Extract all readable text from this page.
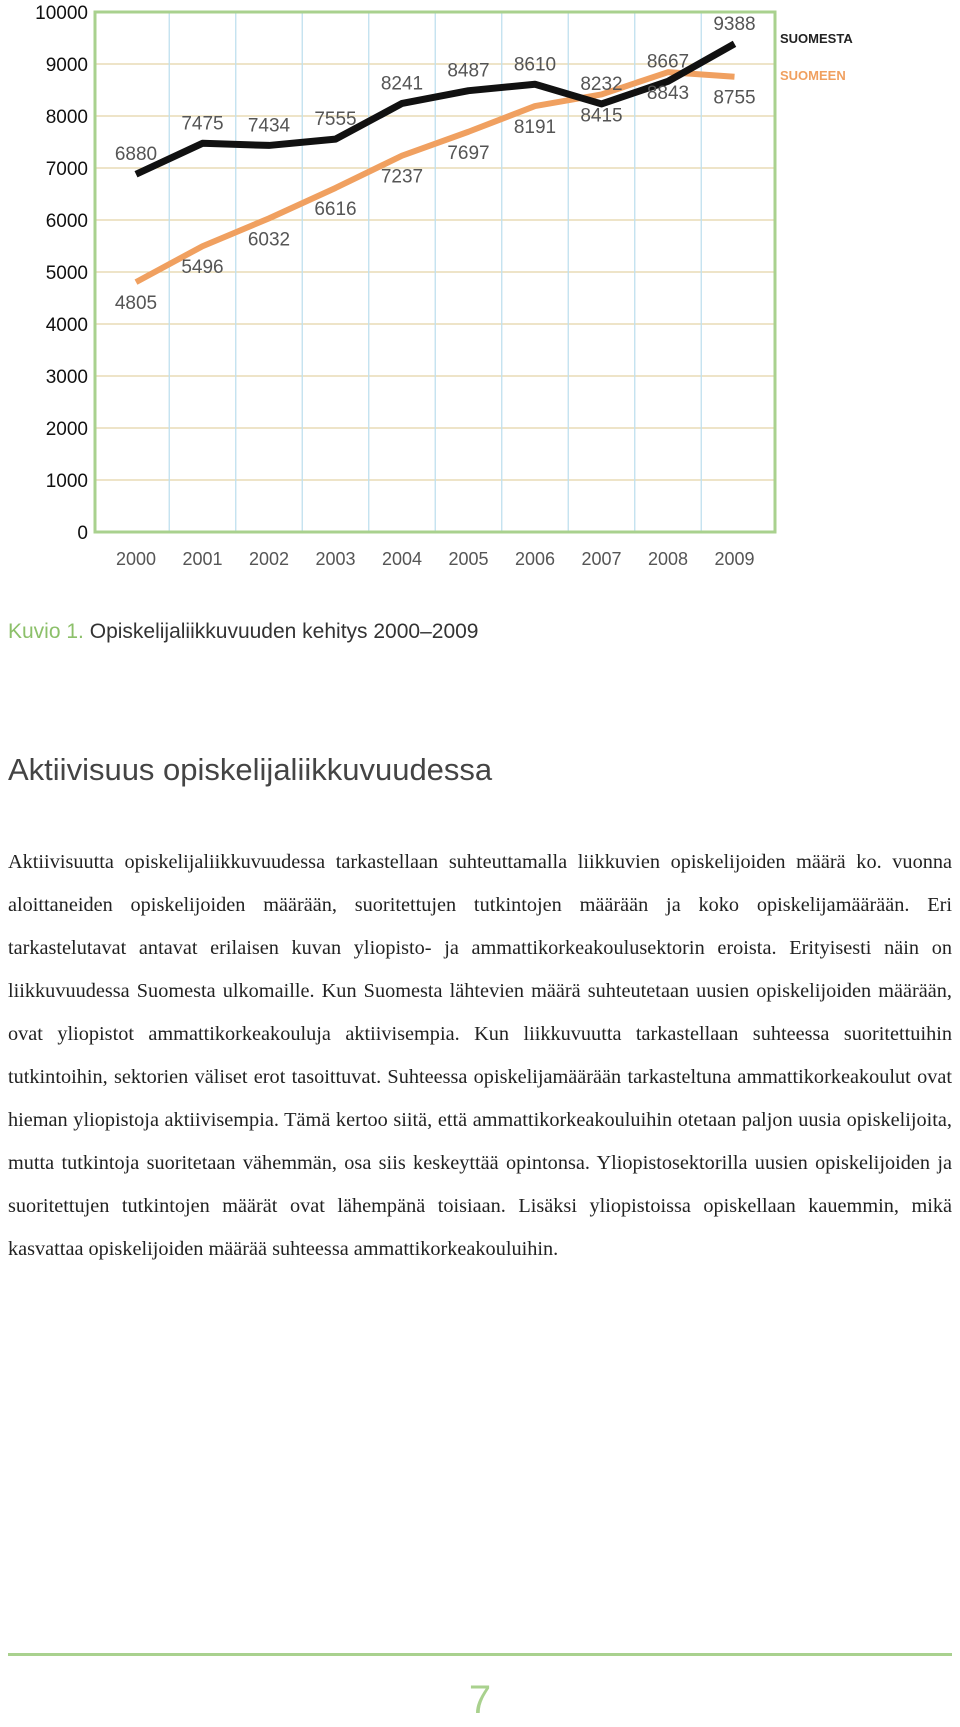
0
1000
2000
3000
4000
5000
6000
7000
8000
9000
10000
2000 2001 2002 2003 2004 2005 2006 2007 2008 2009
6880
7475 7434 7555
8241
8487 8610
8232
8667
9388
4805
5496
6032
6616
7237
7697
8191
8415
8843 8755
SUOMESTA
SUOMEEN
Kuvio 1. Opiskelijaliikkuvuuden kehitys 2000–2009
Aktiivisuus opiskelijaliikkuvuudessa

Aktiivisuutta opiskelijaliikkuvuudessa tarkastellaan suhteuttamalla liikkuvien opiskelijoiden määrä ko. vuonna aloittaneiden opiskelijoiden määrään, suoritettujen tutkintojen määrään ja koko opiskelijamäärään. Eri tarkastelutavat antavat erilaisen kuvan yliopisto- ja ammattikorkeakoulusektorin eroista. Erityisesti näin on liikkuvuudessa Suomesta ulkomaille. Kun Suomesta lähtevien määrä suhteutetaan uusien opiskelijoiden määrään, ovat yliopistot ammattikorkeakouluja aktiivisempia. Kun liikkuvuutta tarkastellaan suhteessa suoritettuihin tutkintoihin, sektorien väliset erot tasoittuvat. Suhteessa opiskelijamäärään tarkasteltuna ammattikorkeakoulut ovat hieman yliopistoja aktiivisempia. Tämä kertoo siitä, että ammattikorkeakouluihin otetaan paljon uusia opiskelijoita, mutta tutkintoja suoritetaan vähemmän, osa siis keskeyttää opintonsa. Yliopistosektorilla uusien opiskelijoiden ja suoritettujen tutkintojen määrät ovat lähempänä toisiaan. Lisäksi yliopistoissa opiskellaan kauemmin, mikä kasvattaa opiskelijoiden määrää suhteessa ammattikorkeakouluihin.

7
